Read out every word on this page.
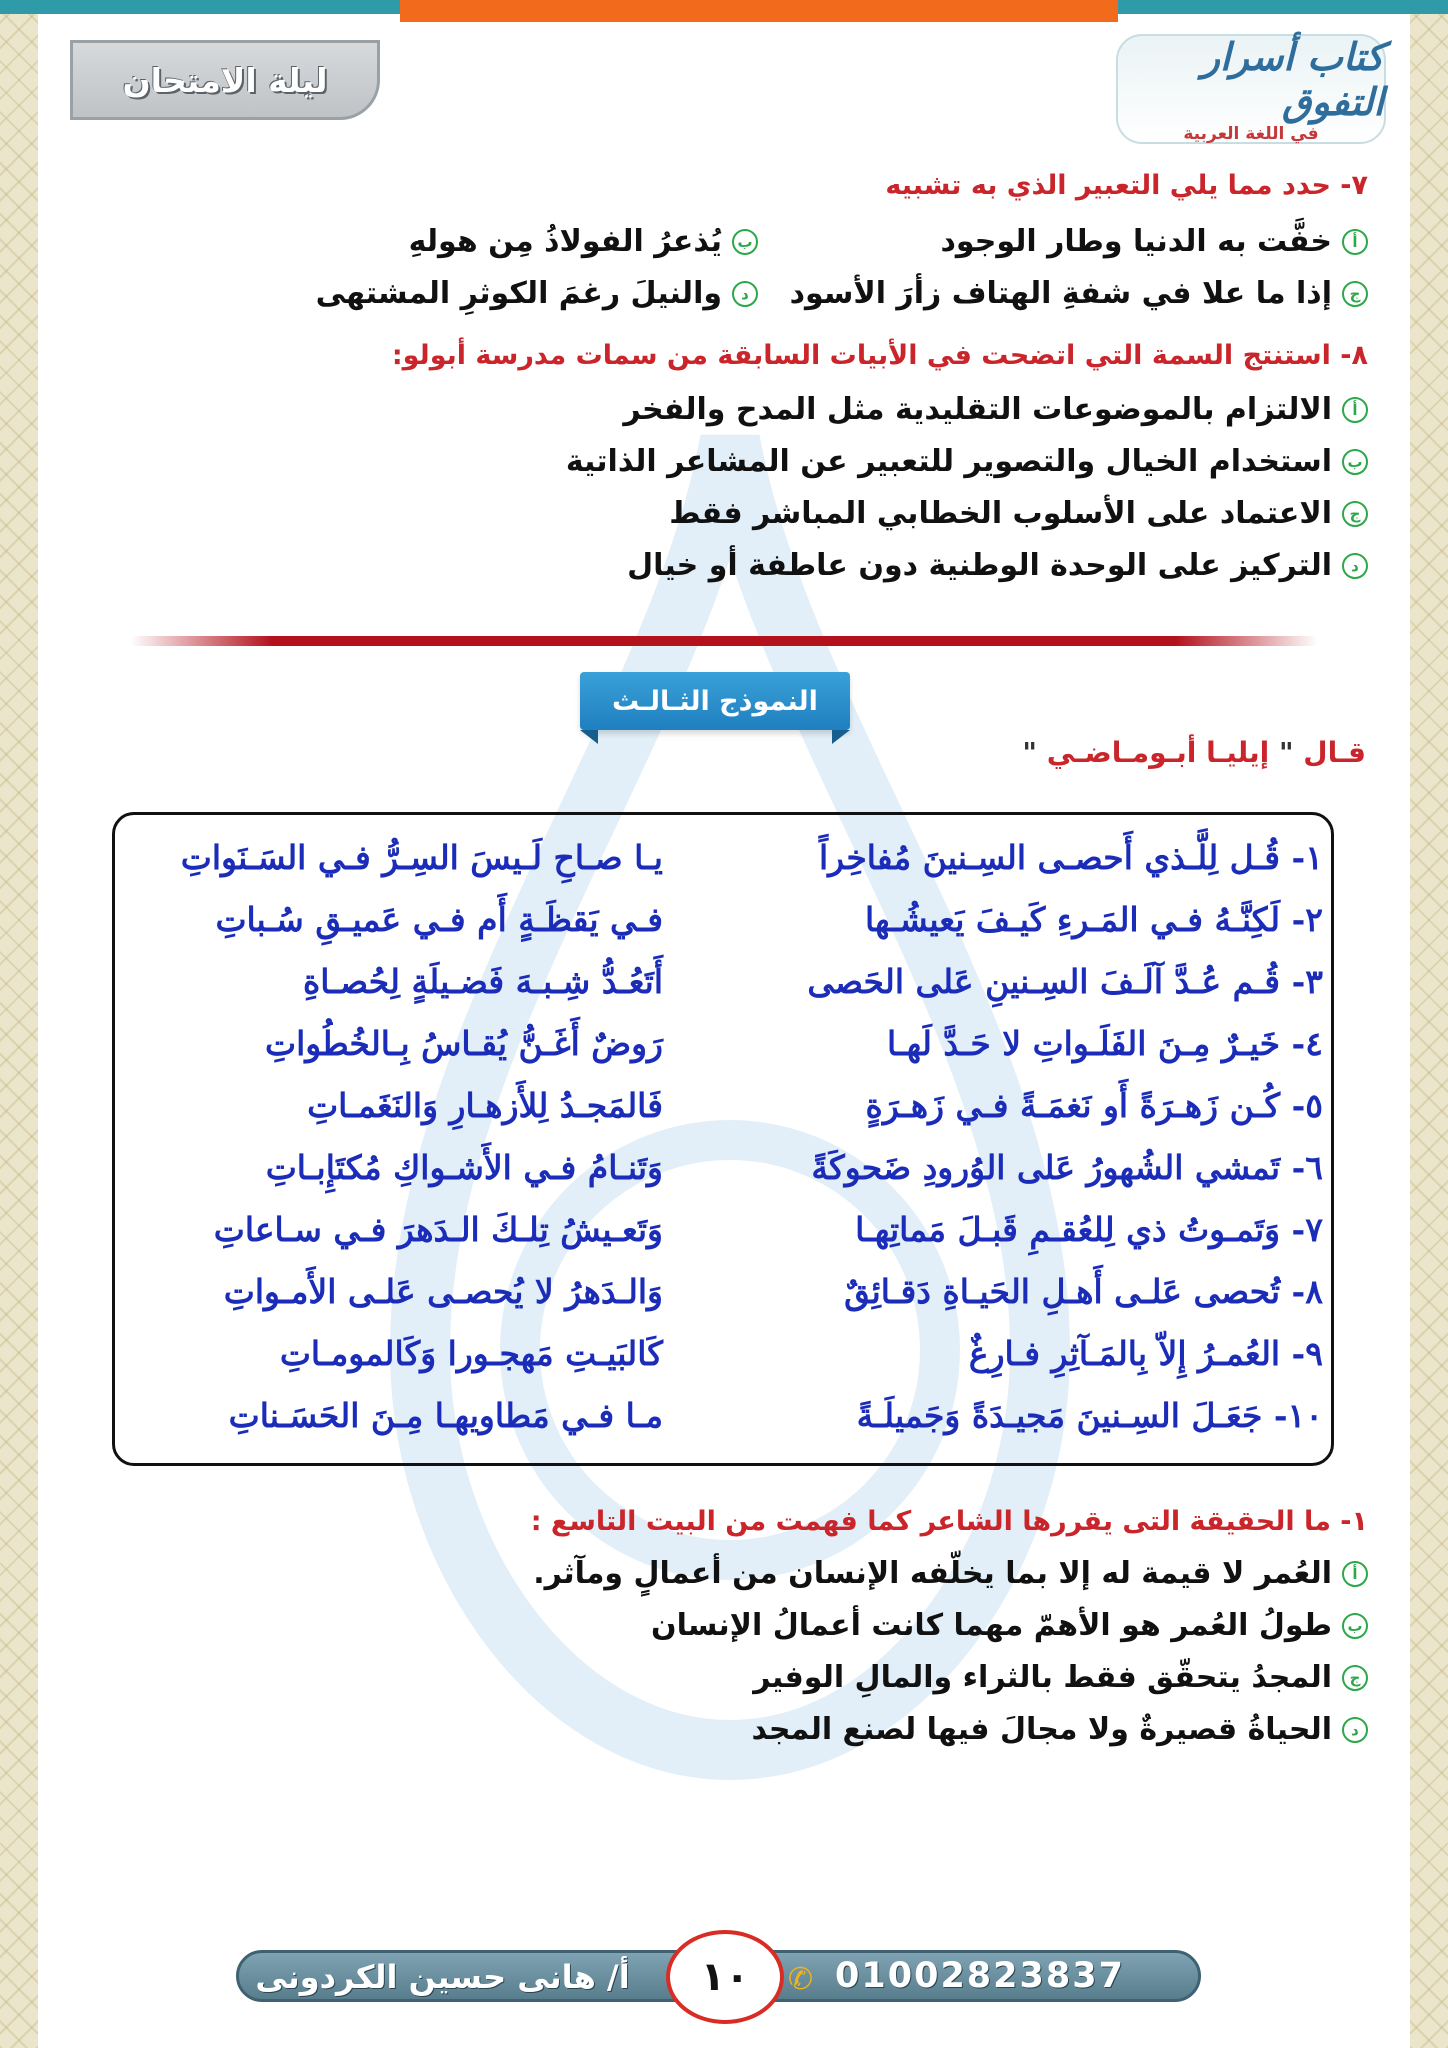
ليلة الامتحان
كتاب أسرار التفوق
في اللغة العربية
٧- حدد مما يلي التعبير الذي به تشبيه
أ
خفَّت به الدنيا وطار الوجود
ب
يُذعرُ الفولاذُ مِن هولهِ
ج
إذا ما علا في شفةِ الهتاف زأرَ الأسود
د
والنيلَ رغمَ الكوثرِ المشتهى
٨- استنتج السمة التي اتضحت في الأبيات السابقة من سمات مدرسة أبولو:
أ
الالتزام بالموضوعات التقليدية مثل المدح والفخر
ب
استخدام الخيال والتصوير للتعبير عن المشاعر الذاتية
ج
الاعتماد على الأسلوب الخطابي المباشر فقط
د
التركيز على الوحدة الوطنية دون عاطفة أو خيال
النموذج الثـالـث
قـال " إيليـا أبـومـاضـي "
١- قُـل لِلَّـذي أَحصـى السِـنينَ مُفاخِراً
يـا صـاحِ لَـيسَ السِـرُّ فـي السَـنَواتِ
٢- لَكِنَّـهُ فـي المَـرءِ كَيـفَ يَعيشُـها
فـي يَقظَـةٍ أَم فـي عَميـقِ سُـباتِ
٣- قُـم عُـدَّ آلَـفَ السِـنينِ عَلى الحَصى
أَتَعُـدُّ شِـبـهَ فَضـيلَةٍ لِحُصـاةِ
٤- خَيـرٌ مِـنَ الفَلَـواتِ لا حَـدَّ لَهـا
رَوضٌ أَغَـنُّ يُقـاسُ بِـالخُطُواتِ
٥- كُـن زَهـرَةً أَو نَغمَـةً فـي زَهـرَةٍ
فَالمَجـدُ لِلأَزهـارِ وَالنَغَمـاتِ
٦- تَمشي الشُهورُ عَلى الوُرودِ ضَحوكَةً
وَتَنـامُ فـي الأَشـواكِ مُكتَإِبـاتِ
٧- وَتَمـوتُ ذي لِلعُقـمِ قَبـلَ مَماتِهـا
وَتَعـيشُ تِلـكَ الـدَهرَ فـي سـاعاتِ
٨- تُحصى عَلـى أَهـلِ الحَيـاةِ دَقـائِقٌ
وَالـدَهرُ لا يُحصـى عَلـى الأَمـواتِ
٩- العُمـرُ إِلاّ بِالمَـآثِرِ فـارِغٌ
كَالبَيـتِ مَهجـورا وَكَالمومـاتِ
١٠- جَعَـلَ السِـنينَ مَجيـدَةً وَجَميلَـةً
مـا فـي مَطاويهـا مِـنَ الحَسَـناتِ
١- ما الحقيقة التى يقررها الشاعر كما فهمت من البيت التاسع :
أ
العُمر لا قيمة له إلا بما يخلّفه الإنسان من أعمالٍ ومآثر.
ب
طولُ العُمر هو الأهمّ مهما كانت أعمالُ الإنسان
ج
المجدُ يتحقّق فقط بالثراء والمالِ الوفير
د
الحياةُ قصيرةٌ ولا مجالَ فيها لصنع المجد
أ/ هانى حسين الكردونى	✆ 01002823837
١٠
